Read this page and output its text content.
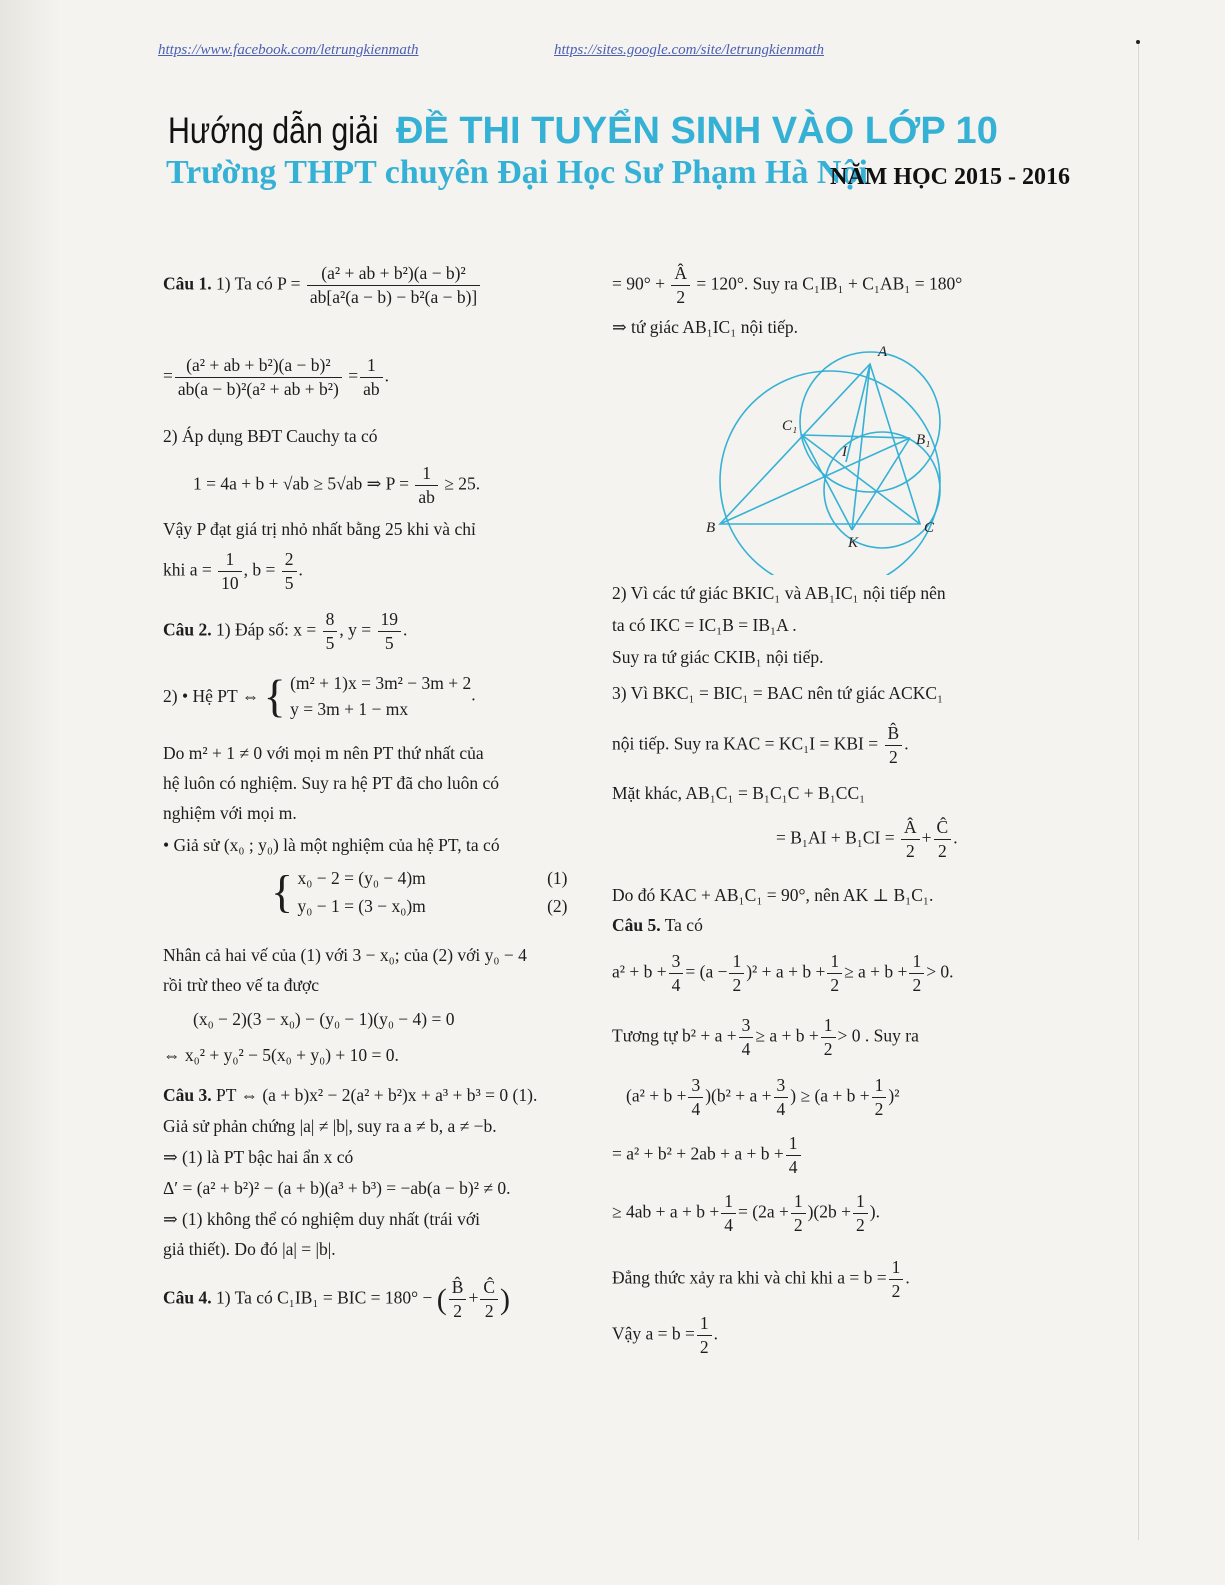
https://www.facebook.com/letrungkienmath	https://sites.google.com/site/letrungkienmath
Hướng dẫn giải ĐỀ THI TUYỂN SINH VÀO LỚP 10
Trường THPT chuyên Đại Học Sư Phạm Hà Nội
NĂM HỌC 2015 - 2016
Câu 1. 1) Ta có $P = \frac{\text{(a² + ab + b²)(a − b)²}}{\text{ab[a²(a − b) − b²(a − b)]}}$
= $\frac{\text{(a² + ab + b²)(a − b)²}}{\text{ab(a − b)²(a² + ab + b²)}} = \frac{1}{ab}$ .
2) Áp dụng BĐT Cauchy ta có
1 = 4a + b + √ab ≥ 5√ab ⇒ $P = \frac{1}{ab} \ge 25$.
Vậy P đạt giá trị nhỏ nhất bằng 25 khi và chỉ
khi $a = \frac{1}{10}$ , $b = \frac{2}{5}$ .
Câu 2. 1) Đáp số: $x = \frac{8}{5}$ , $y = \frac{19}{5}$ .
2) • Hệ PT ⇔ { (m² + 1)x = 3m² − 3m + 2
y = 3m + 1 − mx
.
Do m² + 1 ≠ 0 với mọi m nên PT thứ nhất của
hệ luôn có nghiệm. Suy ra hệ PT đã cho luôn có
nghiệm với mọi m.
• Giả sử (x₀ ; y₀) là một nghiệm của hệ PT, ta có
{ x₀ − 2 = (y₀ − 4)m	(1)
y₀ − 1 = (3 − x₀)m	(2)
Nhân cả hai vế của (1) với 3 − x₀; của (2) với y₀ − 4
rồi trừ theo vế ta được
(x₀ − 2)(3 − x₀) − (y₀ − 1)(y₀ − 4) = 0
⇔ x₀² + y₀² − 5(x₀ + y₀) + 10 = 0.
Câu 3. PT ⇔ (a + b)x² − 2(a² + b²)x + a³ + b³ = 0 (1).
Giả sử phản chứng |a| ≠ |b|, suy ra a ≠ b, a ≠ −b.
⇒ (1) là PT bậc hai ẩn x có
Δ′ = (a² + b²)² − (a + b)(a³ + b³) = −ab(a − b)² ≠ 0.
⇒ (1) không thể có nghiệm duy nhất (trái với
giả thiết). Do đó |a| = |b|.
Câu 4. 1) Ta có C₁IB₁ = BIC = 180° − ( $\frac{B̂}{2} + \frac{Ĉ}{2}$ )
= $90^\circ + \frac{Â}{2} = 120^\circ$. Suy ra C₁IB₁ + C₁AB₁ = 180°
⇒ tứ giác AB₁IC₁ nội tiếp.
A
B	C
C₁
B₁
I
K
2) Vì các tứ giác BKIC₁ và AB₁IC₁ nội tiếp nên
ta có IKC = IC₁B = IB₁A .
Suy ra tứ giác CKIB₁ nội tiếp.
3) Vì BKC₁ = BIC₁ = BAC nên tứ giác ACKC₁
nội tiếp. Suy ra KAC = KC₁I = KBI = $\frac{B̂}{2}$ .
Mặt khác, AB₁C₁ = B₁C₁C + B₁CC₁
= $B_1AI + B_1CI = \frac{Â}{2} + \frac{Ĉ}{2}$ .
Do đó KAC + AB₁C₁ = 90°, nên AK ⊥ B₁C₁.
Câu 5. Ta có
$a^2 + b + \frac{3}{4} = (a - \frac{1}{2} )^2 + a + b + \frac{1}{2} \ge a + b + \frac{1}{2} > 0$.
Tương tự $b^2 + a + \frac{3}{4} \ge a + b + \frac{1}{2} > 0$ . Suy ra
$(a^2 + b + \frac{3}{4} )(b^2 + a + \frac{3}{4}$ ) ≥ $(a + b + \frac{1}{2} )^2$
= $a^2 + b^2 + 2ab + a + b + \frac{1}{4}$
≥ $4ab + a + b + \frac{1}{4} = (2a + \frac{1}{2} )(2b + \frac{1}{2}$ ).
Đẳng thức xảy ra khi và chỉ khi $a = b = \frac{1}{2}$ .
Vậy $a = b = \frac{1}{2}$ .
